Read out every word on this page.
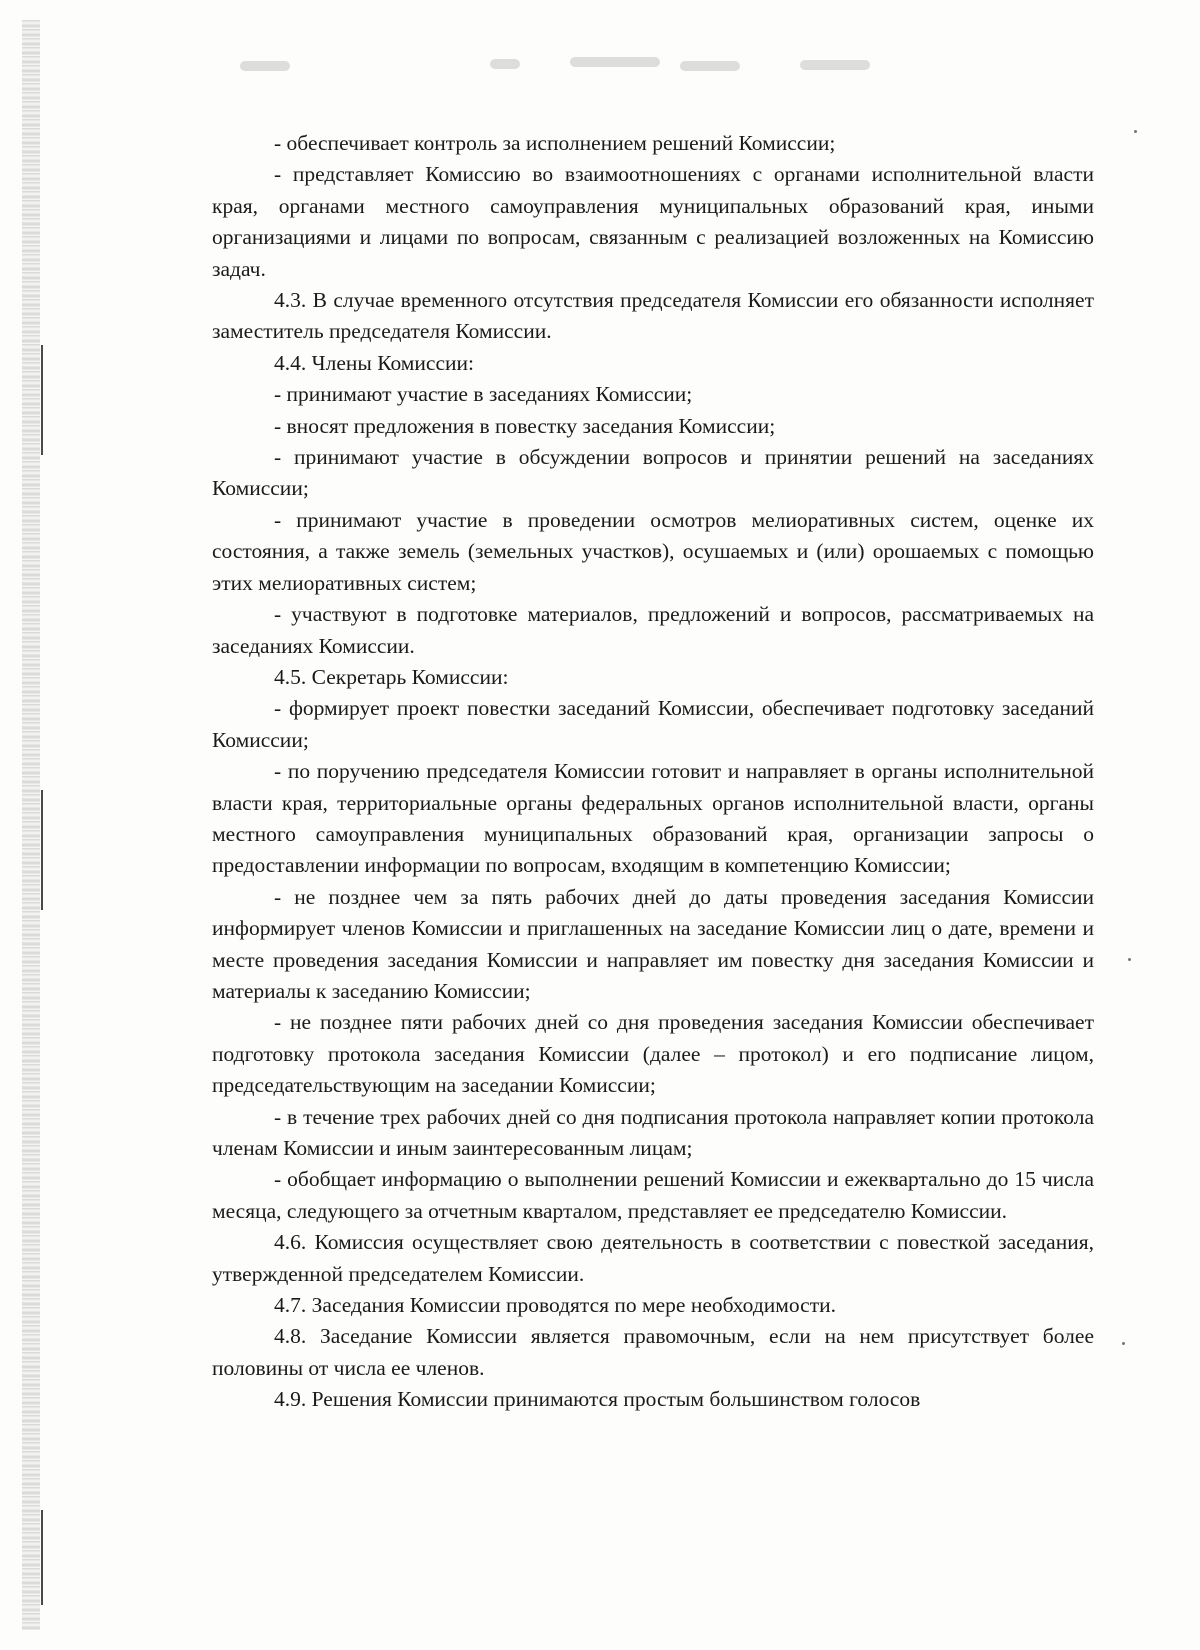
- обеспечивает контроль за исполнением решений Комиссии;

- представляет Комиссию во взаимоотношениях с органами исполнительной власти края, органами местного самоуправления муниципальных образований края, иными организациями и лицами по вопросам, связанным с реализацией возложенных на Комиссию задач.

4.3. В случае временного отсутствия председателя Комиссии его обязанности исполняет заместитель председателя Комиссии.

4.4. Члены Комиссии:

- принимают участие в заседаниях Комиссии;

- вносят предложения в повестку заседания Комиссии;

- принимают участие в обсуждении вопросов и принятии решений на заседаниях Комиссии;

- принимают участие в проведении осмотров мелиоративных систем, оценке их состояния, а также земель (земельных участков), осушаемых и (или) орошаемых с помощью этих мелиоративных систем;

- участвуют в подготовке материалов, предложений и вопросов, рассматриваемых на заседаниях Комиссии.

4.5. Секретарь Комиссии:

- формирует проект повестки заседаний Комиссии, обеспечивает подготовку заседаний Комиссии;

- по поручению председателя Комиссии готовит и направляет в органы исполнительной власти края, территориальные органы федеральных органов исполнительной власти, органы местного самоуправления муниципальных образований края, организации запросы о предоставлении информации по вопросам, входящим в компетенцию Комиссии;

- не позднее чем за пять рабочих дней до даты проведения заседания Комиссии информирует членов Комиссии и приглашенных на заседание Комиссии лиц о дате, времени и месте проведения заседания Комиссии и направляет им повестку дня заседания Комиссии и материалы к заседанию Комиссии;

- не позднее пяти рабочих дней со дня проведения заседания Комиссии обеспечивает подготовку протокола заседания Комиссии (далее – протокол) и его подписание лицом, председательствующим на заседании Комиссии;

- в течение трех рабочих дней со дня подписания протокола направляет копии протокола членам Комиссии и иным заинтересованным лицам;

- обобщает информацию о выполнении решений Комиссии и ежеквартально до 15 числа месяца, следующего за отчетным кварталом, представляет ее председателю Комиссии.

4.6. Комиссия осуществляет свою деятельность в соответствии с повесткой заседания, утвержденной председателем Комиссии.

4.7. Заседания Комиссии проводятся по мере необходимости.

4.8. Заседание Комиссии является правомочным, если на нем присутствует более половины от числа ее членов.

4.9. Решения Комиссии принимаются простым большинством голосов
